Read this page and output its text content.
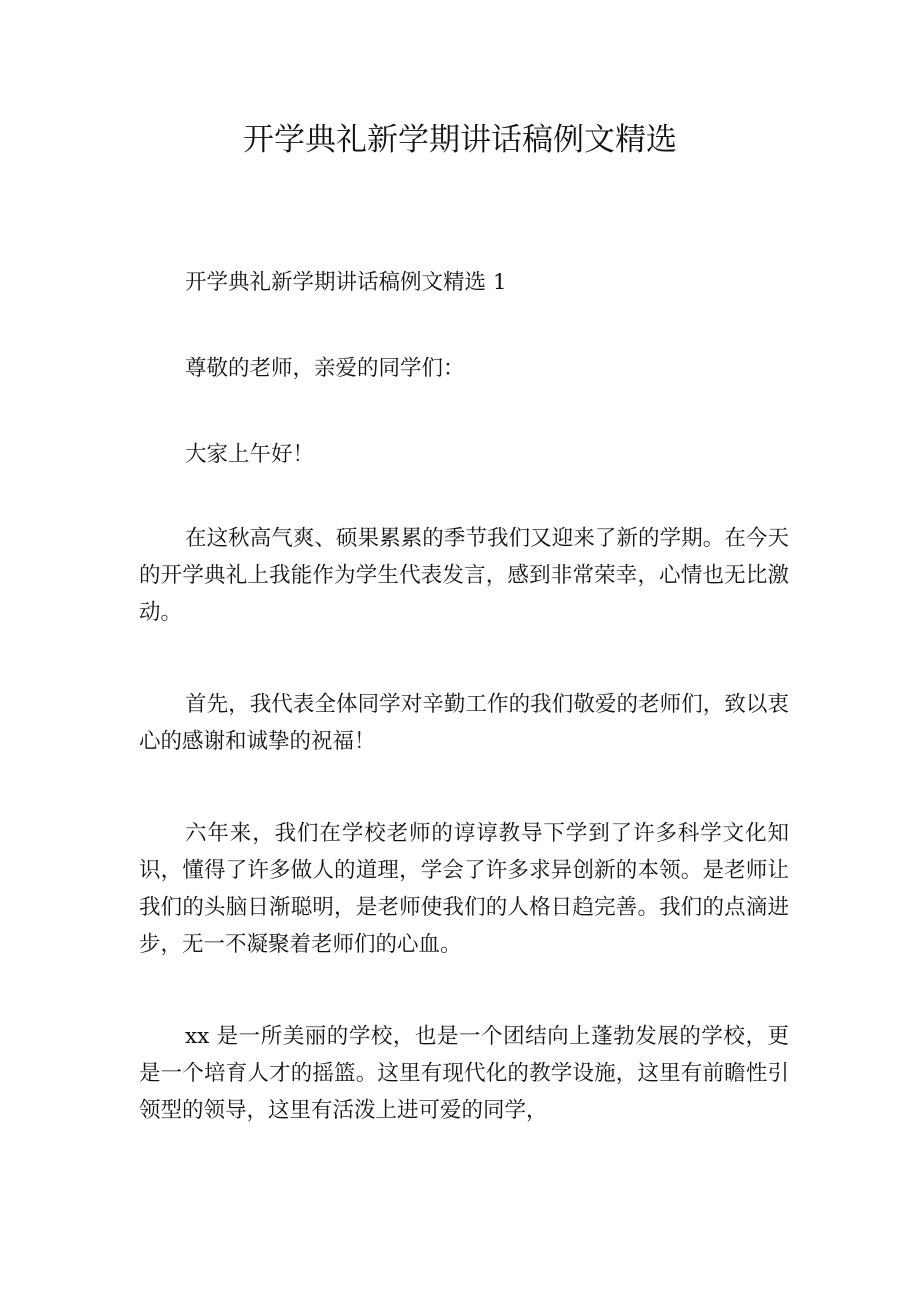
开学典礼新学期讲话稿例文精选

开学典礼新学期讲话稿例文精选 1

尊敬的老师，亲爱的同学们：

大家上午好！

在这秋高气爽、硕果累累的季节我们又迎来了新的学期。在今天的开学典礼上我能作为学生代表发言，感到非常荣幸，心情也无比激动。

首先，我代表全体同学对辛勤工作的我们敬爱的老师们，致以衷心的感谢和诚挚的祝福！

六年来，我们在学校老师的谆谆教导下学到了许多科学文化知识，懂得了许多做人的道理，学会了许多求异创新的本领。是老师让我们的头脑日渐聪明，是老师使我们的人格日趋完善。我们的点滴进步，无一不凝聚着老师们的心血。

xx 是一所美丽的学校，也是一个团结向上蓬勃发展的学校，更是一个培育人才的摇篮。这里有现代化的教学设施，这里有前瞻性引领型的领导，这里有活泼上进可爱的同学，
